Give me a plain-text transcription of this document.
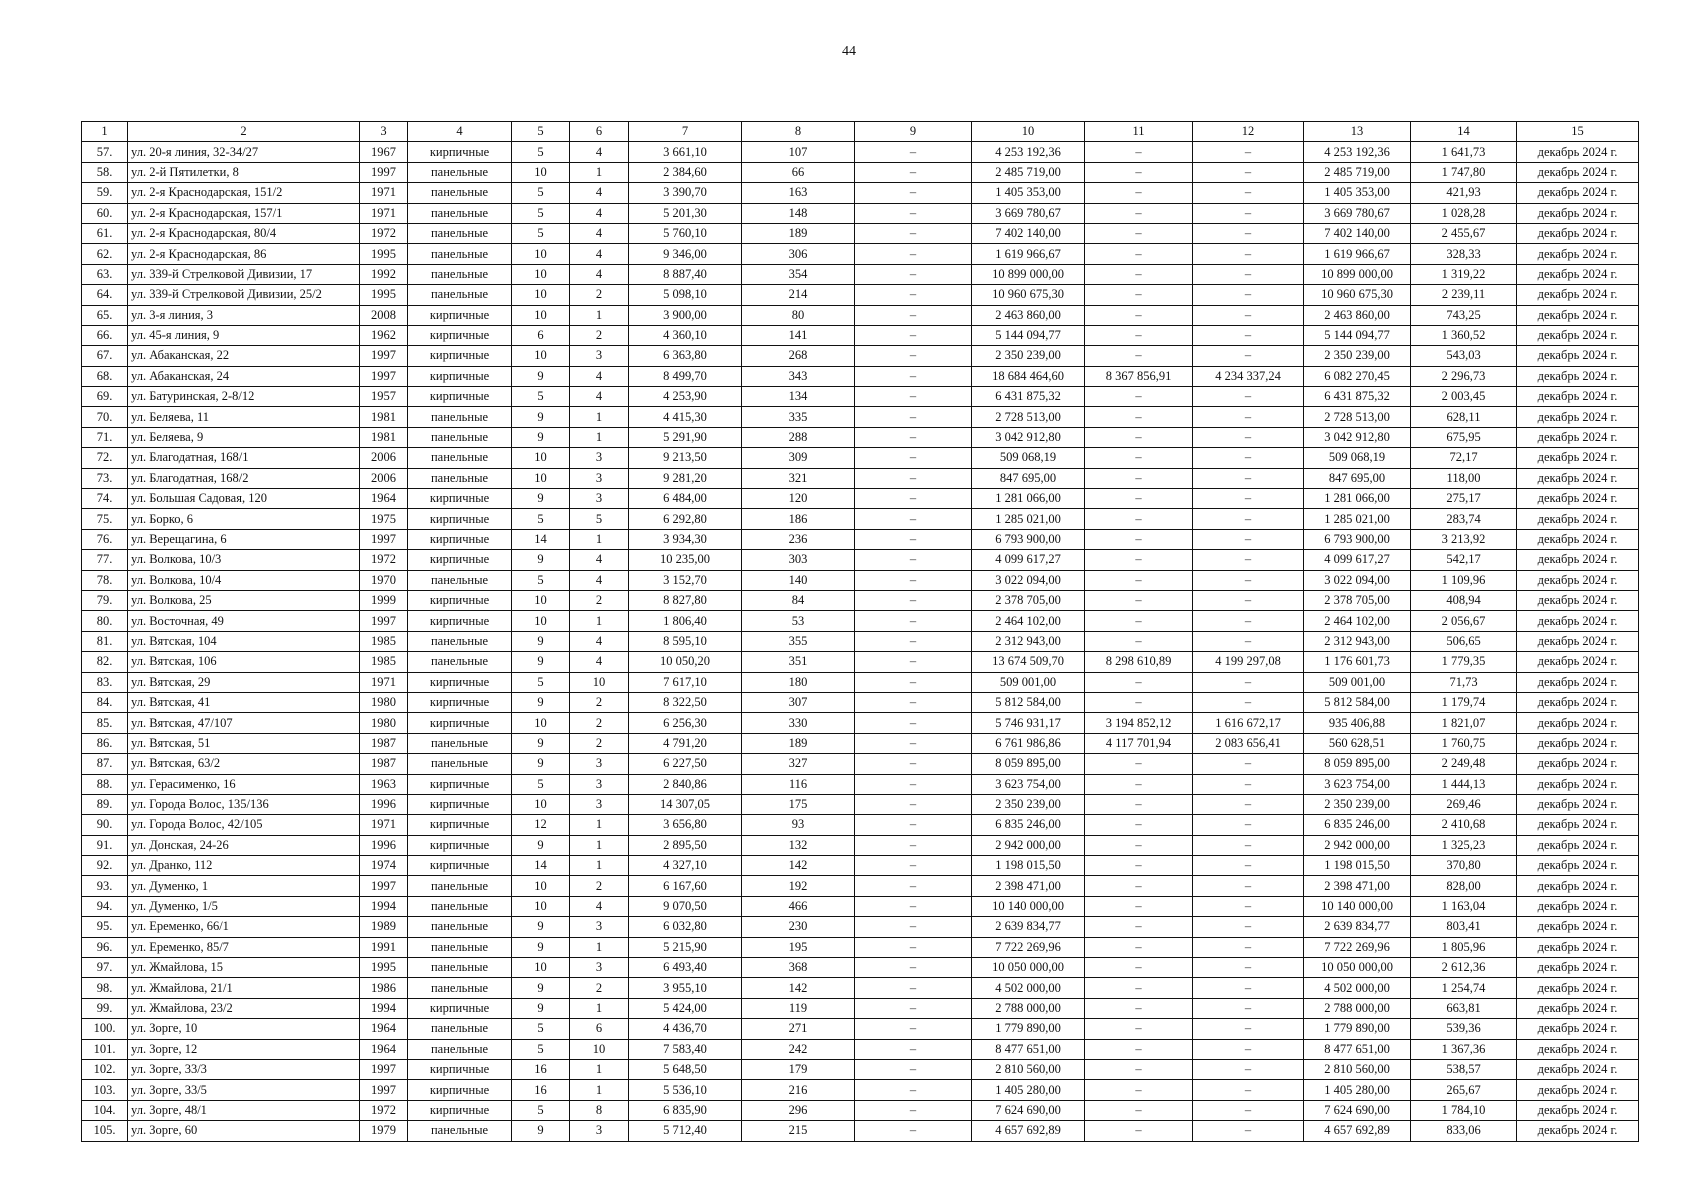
44
1	2	3	4	5	6	7	8	9	10	11	12	13	14	15
57.	ул. 20-я линия, 32-34/27	1967	кирпичные	5	4	3 661,10	107	–	4 253 192,36	–	–	4 253 192,36	1 641,73	декабрь 2024 г.
58.	ул. 2-й Пятилетки, 8	1997	панельные	10	1	2 384,60	66	–	2 485 719,00	–	–	2 485 719,00	1 747,80	декабрь 2024 г.
59.	ул. 2-я Краснодарская, 151/2	1971	панельные	5	4	3 390,70	163	–	1 405 353,00	–	–	1 405 353,00	421,93	декабрь 2024 г.
60.	ул. 2-я Краснодарская, 157/1	1971	панельные	5	4	5 201,30	148	–	3 669 780,67	–	–	3 669 780,67	1 028,28	декабрь 2024 г.
61.	ул. 2-я Краснодарская, 80/4	1972	панельные	5	4	5 760,10	189	–	7 402 140,00	–	–	7 402 140,00	2 455,67	декабрь 2024 г.
62.	ул. 2-я Краснодарская, 86	1995	панельные	10	4	9 346,00	306	–	1 619 966,67	–	–	1 619 966,67	328,33	декабрь 2024 г.
63.	ул. 339-й Стрелковой Дивизии, 17	1992	панельные	10	4	8 887,40	354	–	10 899 000,00	–	–	10 899 000,00	1 319,22	декабрь 2024 г.
64.	ул. 339-й Стрелковой Дивизии, 25/2	1995	панельные	10	2	5 098,10	214	–	10 960 675,30	–	–	10 960 675,30	2 239,11	декабрь 2024 г.
65.	ул. 3-я линия, 3	2008	кирпичные	10	1	3 900,00	80	–	2 463 860,00	–	–	2 463 860,00	743,25	декабрь 2024 г.
66.	ул. 45-я линия, 9	1962	кирпичные	6	2	4 360,10	141	–	5 144 094,77	–	–	5 144 094,77	1 360,52	декабрь 2024 г.
67.	ул. Абаканская, 22	1997	кирпичные	10	3	6 363,80	268	–	2 350 239,00	–	–	2 350 239,00	543,03	декабрь 2024 г.
68.	ул. Абаканская, 24	1997	кирпичные	9	4	8 499,70	343	–	18 684 464,60	8 367 856,91	4 234 337,24	6 082 270,45	2 296,73	декабрь 2024 г.
69.	ул. Батуринская, 2-8/12	1957	кирпичные	5	4	4 253,90	134	–	6 431 875,32	–	–	6 431 875,32	2 003,45	декабрь 2024 г.
70.	ул. Беляева, 11	1981	панельные	9	1	4 415,30	335	–	2 728 513,00	–	–	2 728 513,00	628,11	декабрь 2024 г.
71.	ул. Беляева, 9	1981	панельные	9	1	5 291,90	288	–	3 042 912,80	–	–	3 042 912,80	675,95	декабрь 2024 г.
72.	ул. Благодатная, 168/1	2006	панельные	10	3	9 213,50	309	–	509 068,19	–	–	509 068,19	72,17	декабрь 2024 г.
73.	ул. Благодатная, 168/2	2006	панельные	10	3	9 281,20	321	–	847 695,00	–	–	847 695,00	118,00	декабрь 2024 г.
74.	ул. Большая Садовая, 120	1964	кирпичные	9	3	6 484,00	120	–	1 281 066,00	–	–	1 281 066,00	275,17	декабрь 2024 г.
75.	ул. Борко, 6	1975	кирпичные	5	5	6 292,80	186	–	1 285 021,00	–	–	1 285 021,00	283,74	декабрь 2024 г.
76.	ул. Верещагина, 6	1997	кирпичные	14	1	3 934,30	236	–	6 793 900,00	–	–	6 793 900,00	3 213,92	декабрь 2024 г.
77.	ул. Волкова, 10/3	1972	кирпичные	9	4	10 235,00	303	–	4 099 617,27	–	–	4 099 617,27	542,17	декабрь 2024 г.
78.	ул. Волкова, 10/4	1970	панельные	5	4	3 152,70	140	–	3 022 094,00	–	–	3 022 094,00	1 109,96	декабрь 2024 г.
79.	ул. Волкова, 25	1999	кирпичные	10	2	8 827,80	84	–	2 378 705,00	–	–	2 378 705,00	408,94	декабрь 2024 г.
80.	ул. Восточная, 49	1997	кирпичные	10	1	1 806,40	53	–	2 464 102,00	–	–	2 464 102,00	2 056,67	декабрь 2024 г.
81.	ул. Вятская, 104	1985	панельные	9	4	8 595,10	355	–	2 312 943,00	–	–	2 312 943,00	506,65	декабрь 2024 г.
82.	ул. Вятская, 106	1985	панельные	9	4	10 050,20	351	–	13 674 509,70	8 298 610,89	4 199 297,08	1 176 601,73	1 779,35	декабрь 2024 г.
83.	ул. Вятская, 29	1971	кирпичные	5	10	7 617,10	180	–	509 001,00	–	–	509 001,00	71,73	декабрь 2024 г.
84.	ул. Вятская, 41	1980	кирпичные	9	2	8 322,50	307	–	5 812 584,00	–	–	5 812 584,00	1 179,74	декабрь 2024 г.
85.	ул. Вятская, 47/107	1980	кирпичные	10	2	6 256,30	330	–	5 746 931,17	3 194 852,12	1 616 672,17	935 406,88	1 821,07	декабрь 2024 г.
86.	ул. Вятская, 51	1987	панельные	9	2	4 791,20	189	–	6 761 986,86	4 117 701,94	2 083 656,41	560 628,51	1 760,75	декабрь 2024 г.
87.	ул. Вятская, 63/2	1987	панельные	9	3	6 227,50	327	–	8 059 895,00	–	–	8 059 895,00	2 249,48	декабрь 2024 г.
88.	ул. Герасименко, 16	1963	кирпичные	5	3	2 840,86	116	–	3 623 754,00	–	–	3 623 754,00	1 444,13	декабрь 2024 г.
89.	ул. Города Волос, 135/136	1996	кирпичные	10	3	14 307,05	175	–	2 350 239,00	–	–	2 350 239,00	269,46	декабрь 2024 г.
90.	ул. Города Волос, 42/105	1971	кирпичные	12	1	3 656,80	93	–	6 835 246,00	–	–	6 835 246,00	2 410,68	декабрь 2024 г.
91.	ул. Донская, 24-26	1996	кирпичные	9	1	2 895,50	132	–	2 942 000,00	–	–	2 942 000,00	1 325,23	декабрь 2024 г.
92.	ул. Дранко, 112	1974	кирпичные	14	1	4 327,10	142	–	1 198 015,50	–	–	1 198 015,50	370,80	декабрь 2024 г.
93.	ул. Думенко, 1	1997	панельные	10	2	6 167,60	192	–	2 398 471,00	–	–	2 398 471,00	828,00	декабрь 2024 г.
94.	ул. Думенко, 1/5	1994	панельные	10	4	9 070,50	466	–	10 140 000,00	–	–	10 140 000,00	1 163,04	декабрь 2024 г.
95.	ул. Еременко, 66/1	1989	панельные	9	3	6 032,80	230	–	2 639 834,77	–	–	2 639 834,77	803,41	декабрь 2024 г.
96.	ул. Еременко, 85/7	1991	панельные	9	1	5 215,90	195	–	7 722 269,96	–	–	7 722 269,96	1 805,96	декабрь 2024 г.
97.	ул. Жмайлова, 15	1995	панельные	10	3	6 493,40	368	–	10 050 000,00	–	–	10 050 000,00	2 612,36	декабрь 2024 г.
98.	ул. Жмайлова, 21/1	1986	панельные	9	2	3 955,10	142	–	4 502 000,00	–	–	4 502 000,00	1 254,74	декабрь 2024 г.
99.	ул. Жмайлова, 23/2	1994	кирпичные	9	1	5 424,00	119	–	2 788 000,00	–	–	2 788 000,00	663,81	декабрь 2024 г.
100.	ул. Зорге, 10	1964	панельные	5	6	4 436,70	271	–	1 779 890,00	–	–	1 779 890,00	539,36	декабрь 2024 г.
101.	ул. Зорге, 12	1964	панельные	5	10	7 583,40	242	–	8 477 651,00	–	–	8 477 651,00	1 367,36	декабрь 2024 г.
102.	ул. Зорге, 33/3	1997	кирпичные	16	1	5 648,50	179	–	2 810 560,00	–	–	2 810 560,00	538,57	декабрь 2024 г.
103.	ул. Зорге, 33/5	1997	кирпичные	16	1	5 536,10	216	–	1 405 280,00	–	–	1 405 280,00	265,67	декабрь 2024 г.
104.	ул. Зорге, 48/1	1972	кирпичные	5	8	6 835,90	296	–	7 624 690,00	–	–	7 624 690,00	1 784,10	декабрь 2024 г.
105.	ул. Зорге, 60	1979	панельные	9	3	5 712,40	215	–	4 657 692,89	–	–	4 657 692,89	833,06	декабрь 2024 г.
